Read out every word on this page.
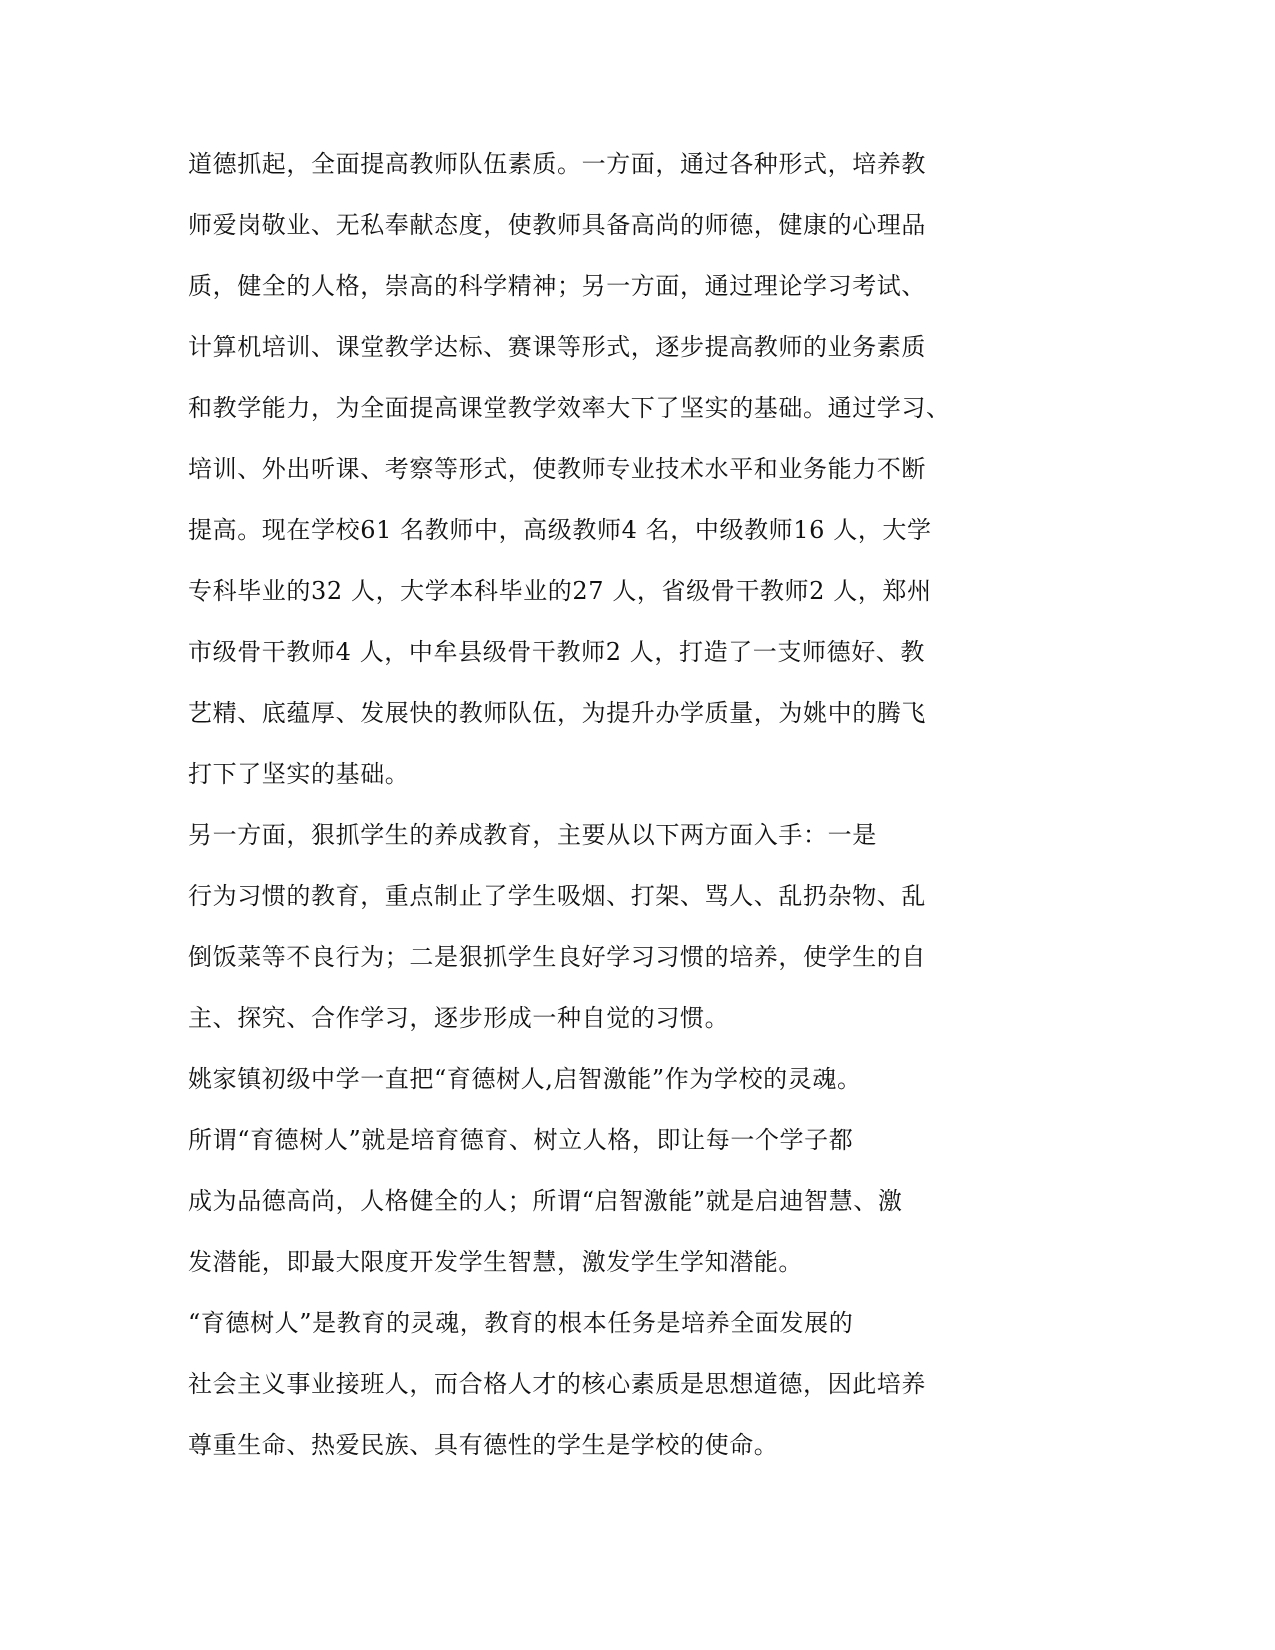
道德抓起，全面提高教师队伍素质。一方面，通过各种形式，培养教
师爱岗敬业、无私奉献态度，使教师具备高尚的师德，健康的心理品
质，健全的人格，崇高的科学精神；另一方面，通过理论学习考试、
计算机培训、课堂教学达标、赛课等形式，逐步提高教师的业务素质
和教学能力，为全面提高课堂教学效率大下了坚实的基础。通过学习、
培训、外出听课、考察等形式，使教师专业技术水平和业务能力不断
提高。现在学校61 名教师中，高级教师4 名，中级教师16 人，大学
专科毕业的32 人，大学本科毕业的27 人，省级骨干教师2 人，郑州
市级骨干教师4 人，中牟县级骨干教师2 人，打造了一支师德好、教
艺精、底蕴厚、发展快的教师队伍，为提升办学质量，为姚中的腾飞
打下了坚实的基础。
另一方面，狠抓学生的养成教育，主要从以下两方面入手：一是
行为习惯的教育，重点制止了学生吸烟、打架、骂人、乱扔杂物、乱
倒饭菜等不良行为；二是狠抓学生良好学习习惯的培养，使学生的自
主、探究、合作学习，逐步形成一种自觉的习惯。
姚家镇初级中学一直把“育德树人,启智激能”作为学校的灵魂。
所谓“育德树人”就是培育德育、树立人格，即让每一个学子都
成为品德高尚，人格健全的人；所谓“启智激能”就是启迪智慧、激
发潜能，即最大限度开发学生智慧，激发学生学知潜能。
“育德树人”是教育的灵魂，教育的根本任务是培养全面发展的
社会主义事业接班人，而合格人才的核心素质是思想道德，因此培养
尊重生命、热爱民族、具有德性的学生是学校的使命。
